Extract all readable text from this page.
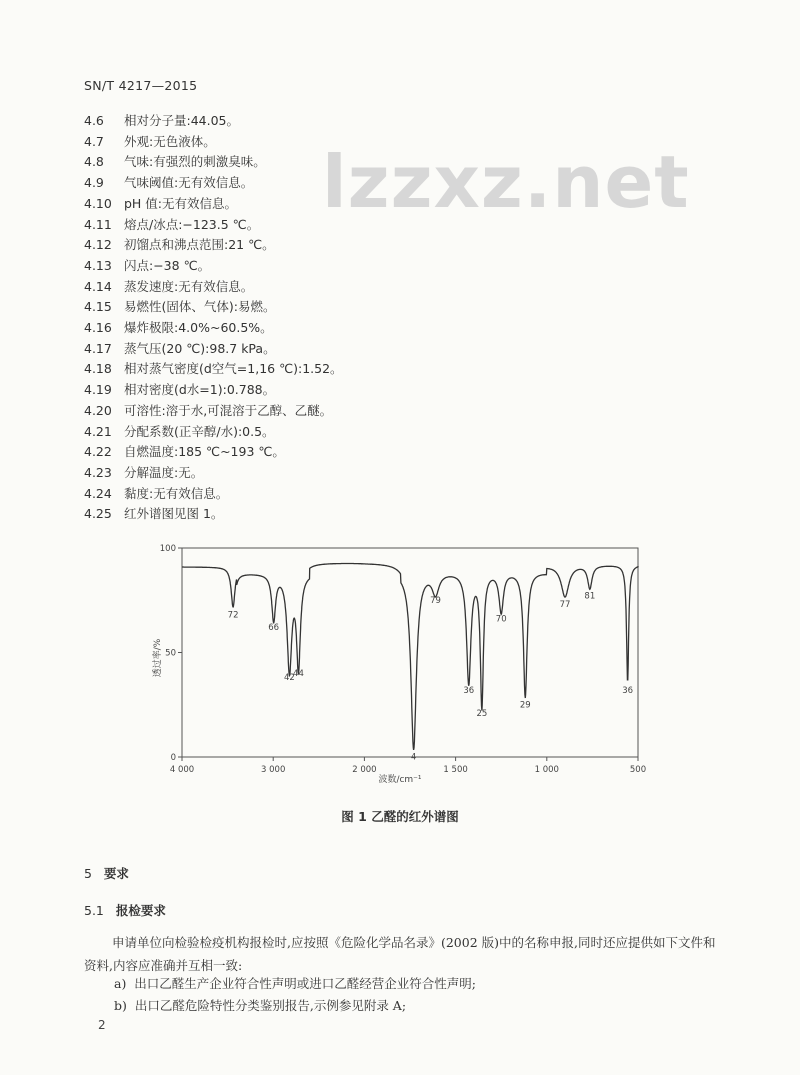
SN/T 4217—2015
lzzxz.net
4.6 相对分子量:44.05。
4.7 外观:无色液体。
4.8 气味:有强烈的刺激臭味。
4.9 气味阈值:无有效信息。
4.10 pH 值:无有效信息。
4.11 熔点/冰点:−123.5 ℃。
4.12 初馏点和沸点范围:21 ℃。
4.13 闪点:−38 ℃。
4.14 蒸发速度:无有效信息。
4.15 易燃性(固体、气体):易燃。
4.16 爆炸极限:4.0%~60.5%。
4.17 蒸气压(20 ℃):98.7 kPa。
4.18 相对蒸气密度(d空气=1,16 ℃):1.52。
4.19 相对密度(d水=1):0.788。
4.20 可溶性:溶于水,可混溶于乙醇、乙醚。
4.21 分配系数(正辛醇/水):0.5。
4.22 自燃温度:185 ℃~193 ℃。
4.23 分解温度:无。
4.24 黏度:无有效信息。
4.25 红外谱图见图 1。
4 000	3 000	2 000	1 500	1 000	500
0
50
100
72
66
42
44
4
79
36
25
70
29
77
81
36
透过率/%
波数/cm⁻¹
图 1 乙醛的红外谱图
5 要求
5.1 报检要求
申请单位向检验检疫机构报检时,应按照《危险化学品名录》(2002 版)中的名称申报,同时还应提供如下文件和资料,内容应准确并互相一致:
a) 出口乙醛生产企业符合性声明或进口乙醛经营企业符合性声明;
b) 出口乙醛危险特性分类鉴别报告,示例参见附录 A;
2
